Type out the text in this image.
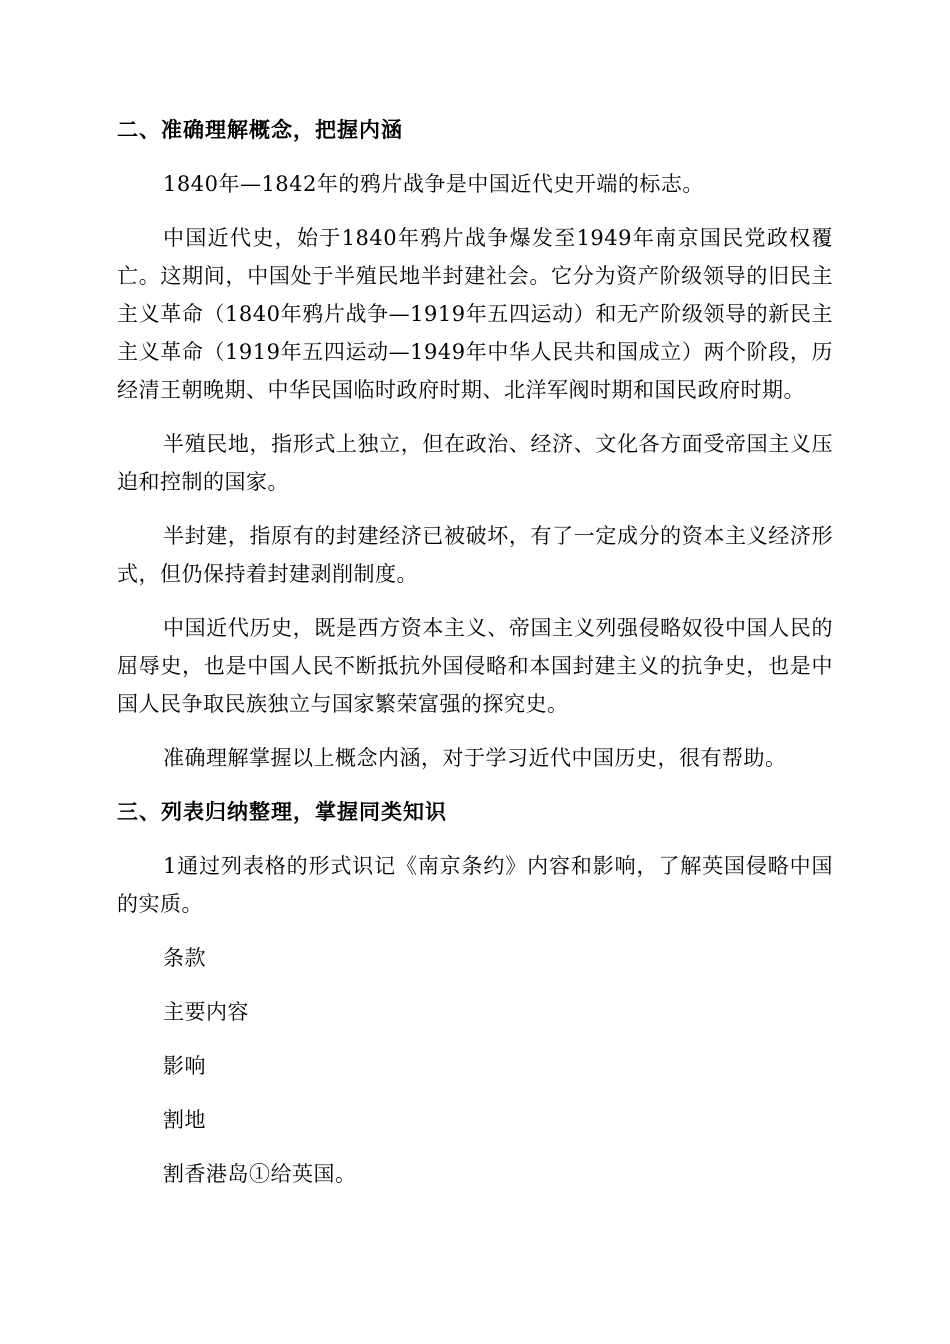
二、准确理解概念，把握内涵
1840年—1842年的鸦片战争是中国近代史开端的标志。
中国近代史，始于1840年鸦片战争爆发至1949年南京国民党政权覆亡。这期间，中国处于半殖民地半封建社会。它分为资产阶级领导的旧民主主义革命（1840年鸦片战争—1919年五四运动）和无产阶级领导的新民主主义革命（1919年五四运动—1949年中华人民共和国成立）两个阶段，历经清王朝晚期、中华民国临时政府时期、北洋军阀时期和国民政府时期。
半殖民地，指形式上独立，但在政治、经济、文化各方面受帝国主义压迫和控制的国家。
半封建，指原有的封建经济已被破坏，有了一定成分的资本主义经济形式，但仍保持着封建剥削制度。
中国近代历史，既是西方资本主义、帝国主义列强侵略奴役中国人民的屈辱史，也是中国人民不断抵抗外国侵略和本国封建主义的抗争史，也是中国人民争取民族独立与国家繁荣富强的探究史。
准确理解掌握以上概念内涵，对于学习近代中国历史，很有帮助。
三、列表归纳整理，掌握同类知识
1通过列表格的形式识记《南京条约》内容和影响，了解英国侵略中国的实质。
条款
主要内容
影响
割地
割香港岛①给英国。
